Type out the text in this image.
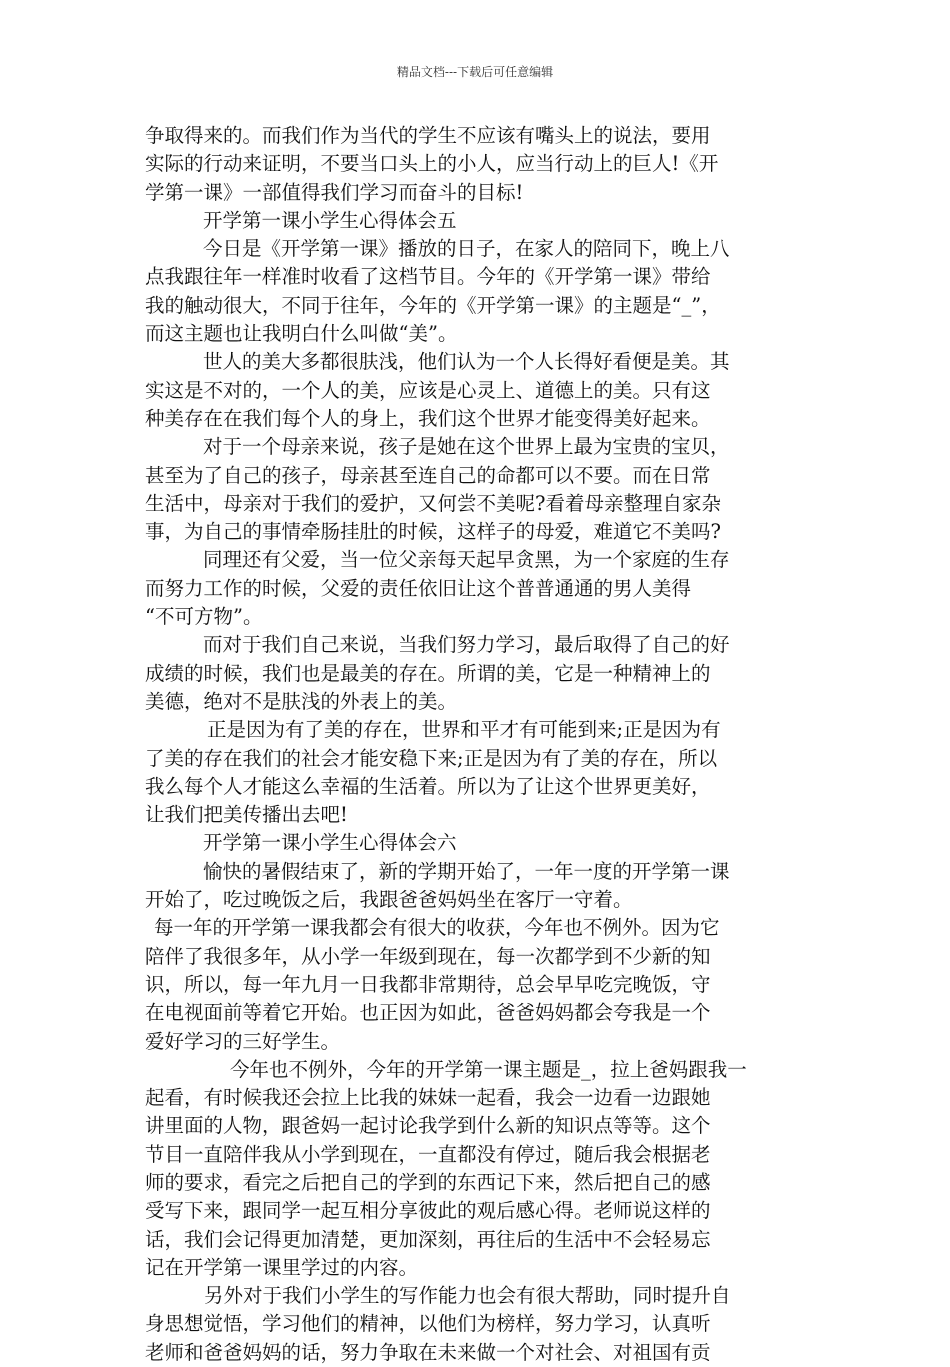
精品文档---下载后可任意编辑
争取得来的。而我们作为当代的学生不应该有嘴头上的说法，要用
实际的行动来证明，不要当口头上的小人，应当行动上的巨人!《开
学第一课》一部值得我们学习而奋斗的目标!
开学第一课小学生心得体会五
今日是《开学第一课》播放的日子，在家人的陪同下，晚上八
点我跟往年一样准时收看了这档节目。今年的《开学第一课》带给
我的触动很大，不同于往年，今年的《开学第一课》的主题是“_”，
而这主题也让我明白什么叫做“美”。
世人的美大多都很肤浅，他们认为一个人长得好看便是美。其
实这是不对的，一个人的美，应该是心灵上、道德上的美。只有这
种美存在在我们每个人的身上，我们这个世界才能变得美好起来。
对于一个母亲来说，孩子是她在这个世界上最为宝贵的宝贝，
甚至为了自己的孩子，母亲甚至连自己的命都可以不要。而在日常
生活中，母亲对于我们的爱护，又何尝不美呢?看着母亲整理自家杂
事，为自己的事情牵肠挂肚的时候，这样子的母爱，难道它不美吗?
同理还有父爱，当一位父亲每天起早贪黑，为一个家庭的生存
而努力工作的时候，父爱的责任依旧让这个普普通通的男人美得
“不可方物”。
而对于我们自己来说，当我们努力学习，最后取得了自己的好
成绩的时候，我们也是最美的存在。所谓的美，它是一种精神上的
美德，绝对不是肤浅的外表上的美。
正是因为有了美的存在，世界和平才有可能到来;正是因为有
了美的存在我们的社会才能安稳下来;正是因为有了美的存在，所以
我么每个人才能这么幸福的生活着。所以为了让这个世界更美好，
让我们把美传播出去吧!
开学第一课小学生心得体会六
愉快的暑假结束了，新的学期开始了，一年一度的开学第一课
开始了，吃过晚饭之后，我跟爸爸妈妈坐在客厅一守着。
每一年的开学第一课我都会有很大的收获，今年也不例外。因为它
陪伴了我很多年，从小学一年级到现在，每一次都学到不少新的知
识，所以，每一年九月一日我都非常期待，总会早早吃完晚饭，守
在电视面前等着它开始。也正因为如此，爸爸妈妈都会夸我是一个
爱好学习的三好学生。
今年也不例外，今年的开学第一课主题是_，拉上爸妈跟我一
起看，有时候我还会拉上比我的妹妹一起看，我会一边看一边跟她
讲里面的人物，跟爸妈一起讨论我学到什么新的知识点等等。这个
节目一直陪伴我从小学到现在，一直都没有停过，随后我会根据老
师的要求，看完之后把自己的学到的东西记下来，然后把自己的感
受写下来，跟同学一起互相分享彼此的观后感心得。老师说这样的
话，我们会记得更加清楚，更加深刻，再往后的生活中不会轻易忘
记在开学第一课里学过的内容。
另外对于我们小学生的写作能力也会有很大帮助，同时提升自
身思想觉悟，学习他们的精神，以他们为榜样，努力学习，认真听
老师和爸爸妈妈的话，努力争取在未来做一个对社会、对祖国有贡
